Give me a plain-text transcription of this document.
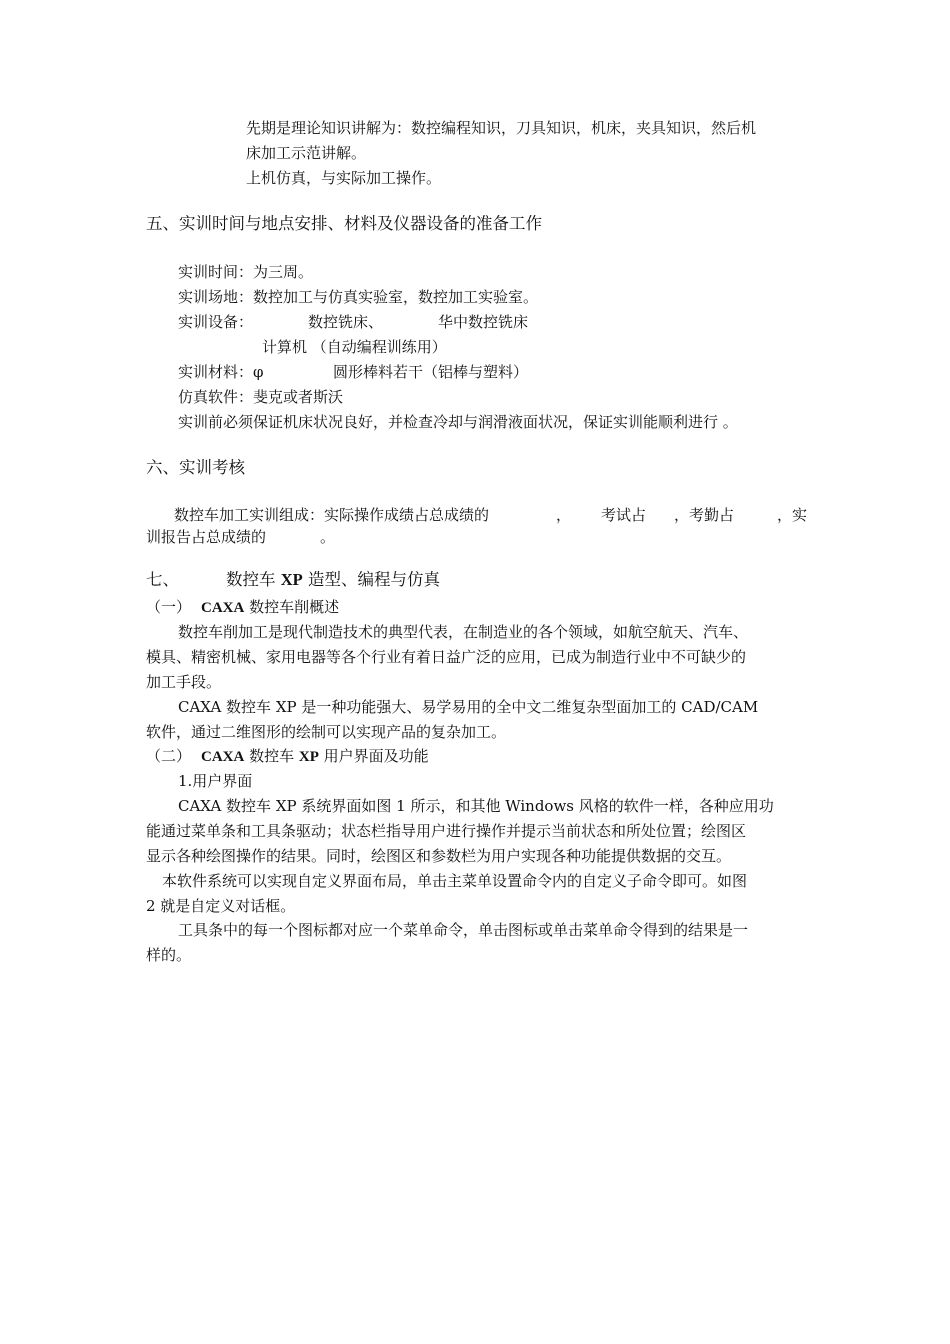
先期是理论知识讲解为：数控编程知识，刀具知识，机床，夹具知识，然后机
床加工示范讲解。
上机仿真，与实际加工操作。
五、实训时间与地点安排、材料及仪器设备的准备工作
实训时间：为三周。
实训场地：数控加工与仿真实验室，数控加工实验室。
实训设备：	数控铣床、	华中数控铣床
计算机 （自动编程训练用）
实训材料：φ	圆形棒料若干（铝棒与塑料）
仿真软件：斐克或者斯沃
实训前必须保证机床状况良好，并检查冷却与润滑液面状况，保证实训能顺利进行 。
六、实训考核
数控车加工实训组成：实际操作成绩占总成绩的	， 考试占 ，考勤占	，实
训报告占总成绩的	。
七、	数控车 XP 造型、编程与仿真
（一） CAXA 数控车削概述
数控车削加工是现代制造技术的典型代表，在制造业的各个领域，如航空航天、汽车、
模具、精密机械、家用电器等各个行业有着日益广泛的应用，已成为制造行业中不可缺少的
加工手段。
CAXA 数控车 XP 是一种功能强大、易学易用的全中文二维复杂型面加工的 CAD/CAM
软件，通过二维图形的绘制可以实现产品的复杂加工。
（二） CAXA 数控车 XP 用户界面及功能
1.用户界面
CAXA 数控车 XP 系统界面如图 1 所示，和其他 Windows 风格的软件一样，各种应用功
能通过菜单条和工具条驱动；状态栏指导用户进行操作并提示当前状态和所处位置；绘图区
显示各种绘图操作的结果。同时，绘图区和参数栏为用户实现各种功能提供数据的交互。
本软件系统可以实现自定义界面布局，单击主菜单设置命令内的自定义子命令即可。如图
2 就是自定义对话框。
工具条中的每一个图标都对应一个菜单命令，单击图标或单击菜单命令得到的结果是一
样的。
